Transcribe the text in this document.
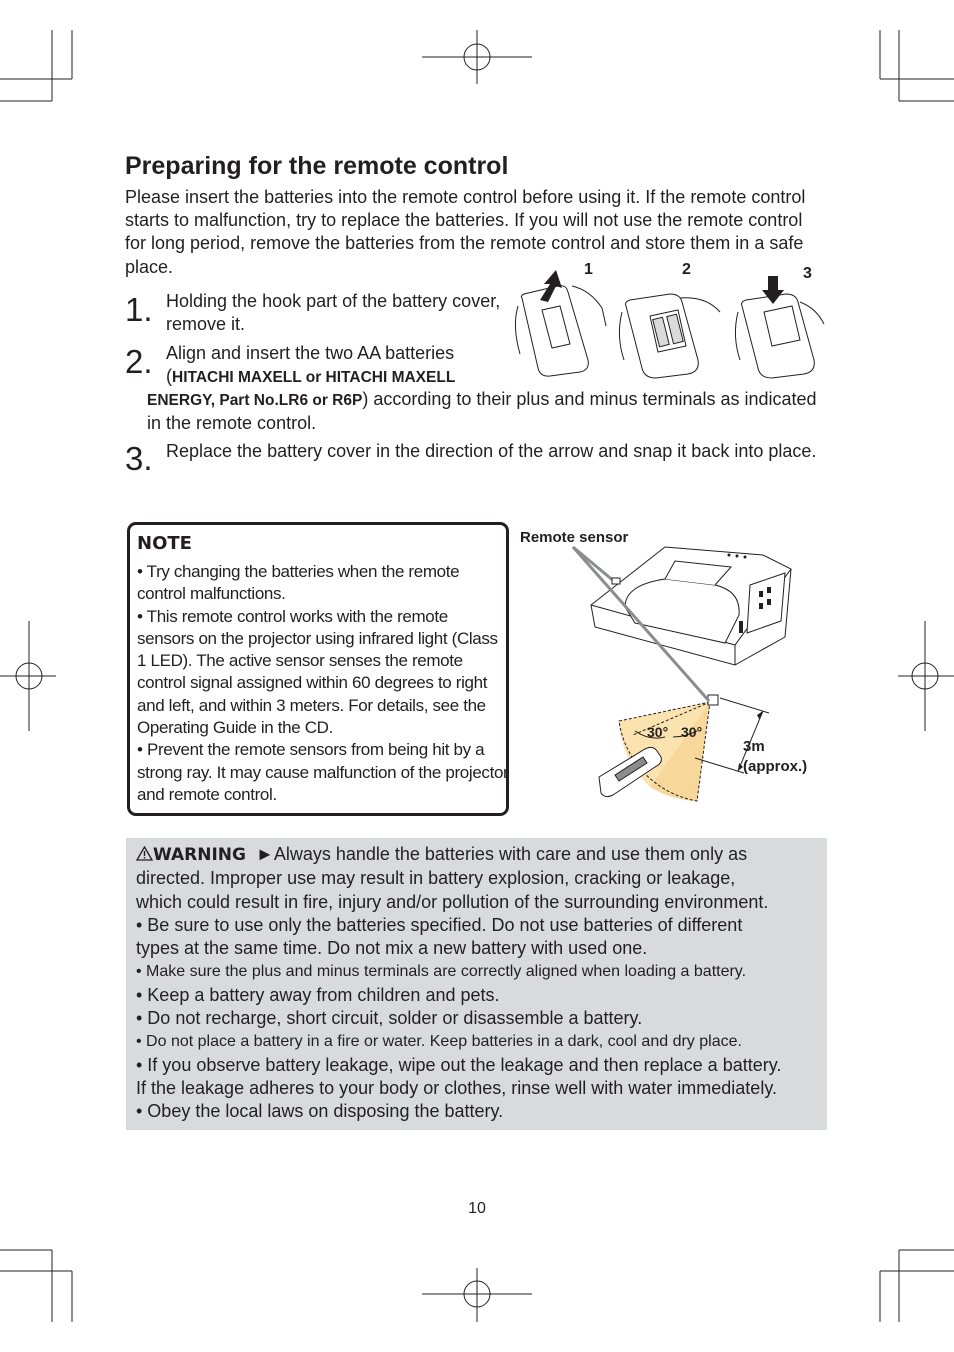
Preparing for the remote control
Please insert the batteries into the remote control before using it. If the remote control starts to malfunction, try to replace the batteries. If you will not use the remote control for long period, remove the batteries from the remote control and store them in a safe place.	1	2	3
1. Holding the hook part of the battery cover, remove it.
2. Align and insert the two AA batteries (HITACHI MAXELL or HITACHI MAXELL
ENERGY, Part No.LR6 or R6P) according to their plus and minus terminals as indicated in the remote control.
3. Replace the battery cover in the direction of the arrow and snap it back into place.
NOTE
• Try changing the batteries when the remote control malfunctions.
• This remote control works with the remote sensors on the projector using infrared light (Class 1 LED). The active sensor senses the remote control signal assigned within 60 degrees to right and left, and within 3 meters. For details, see the Operating Guide in the CD.
• Prevent the remote sensors from being hit by a strong ray. It may cause malfunction of the projector and remote control.
Remote sensor
30° 30°
3m
(approx.)
WARNING ►Always handle the batteries with care and use them only as
directed. Improper use may result in battery explosion, cracking or leakage,
which could result in fire, injury and/or pollution of the surrounding environment.
• Be sure to use only the batteries specified. Do not use batteries of different
types at the same time. Do not mix a new battery with used one.
• Make sure the plus and minus terminals are correctly aligned when loading a battery.
• Keep a battery away from children and pets.
• Do not recharge, short circuit, solder or disassemble a battery.
• Do not place a battery in a fire or water. Keep batteries in a dark, cool and dry place.
• If you observe battery leakage, wipe out the leakage and then replace a battery.
If the leakage adheres to your body or clothes, rinse well with water immediately.
• Obey the local laws on disposing the battery.
10
